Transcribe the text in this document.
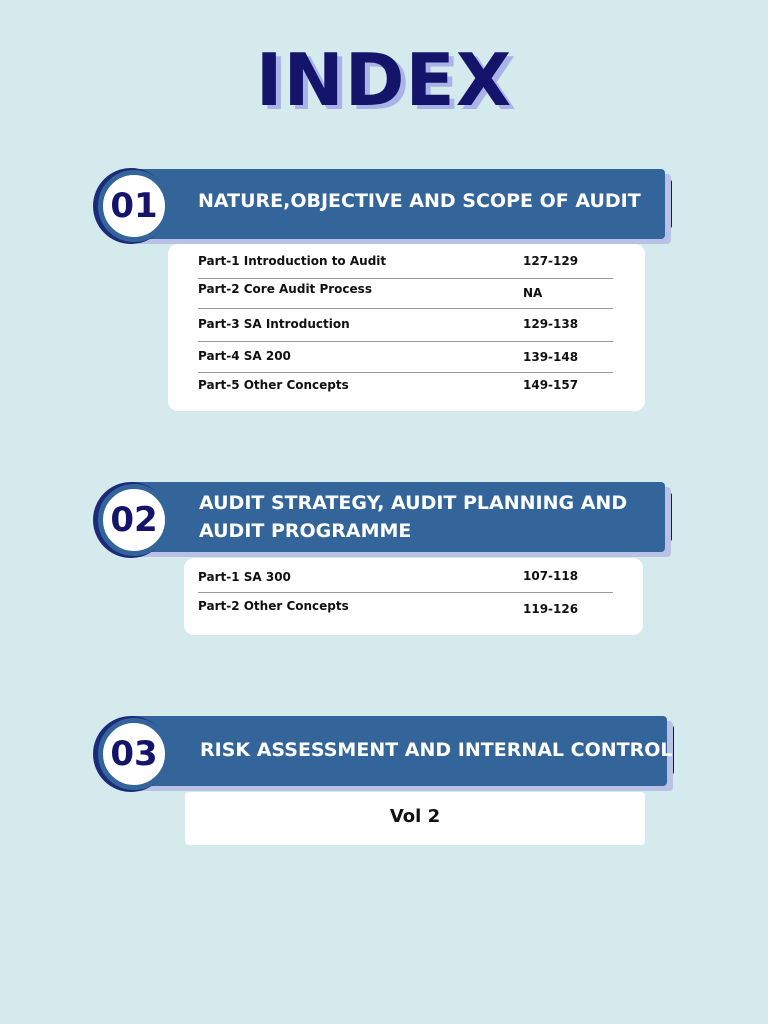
INDEX
NATURE,OBJECTIVE AND SCOPE OF AUDIT
01
Part-1 Introduction to Audit	127-129
Part-2 Core Audit Process	NA
Part-3 SA Introduction	129-138
Part-4 SA 200	139-148
Part-5 Other Concepts	149-157
AUDIT STRATEGY, AUDIT PLANNING AND
AUDIT PROGRAMME
02
Part-1 SA 300	107-118
Part-2 Other Concepts	119-126
RISK ASSESSMENT AND INTERNAL CONTROL
03
Vol 2
